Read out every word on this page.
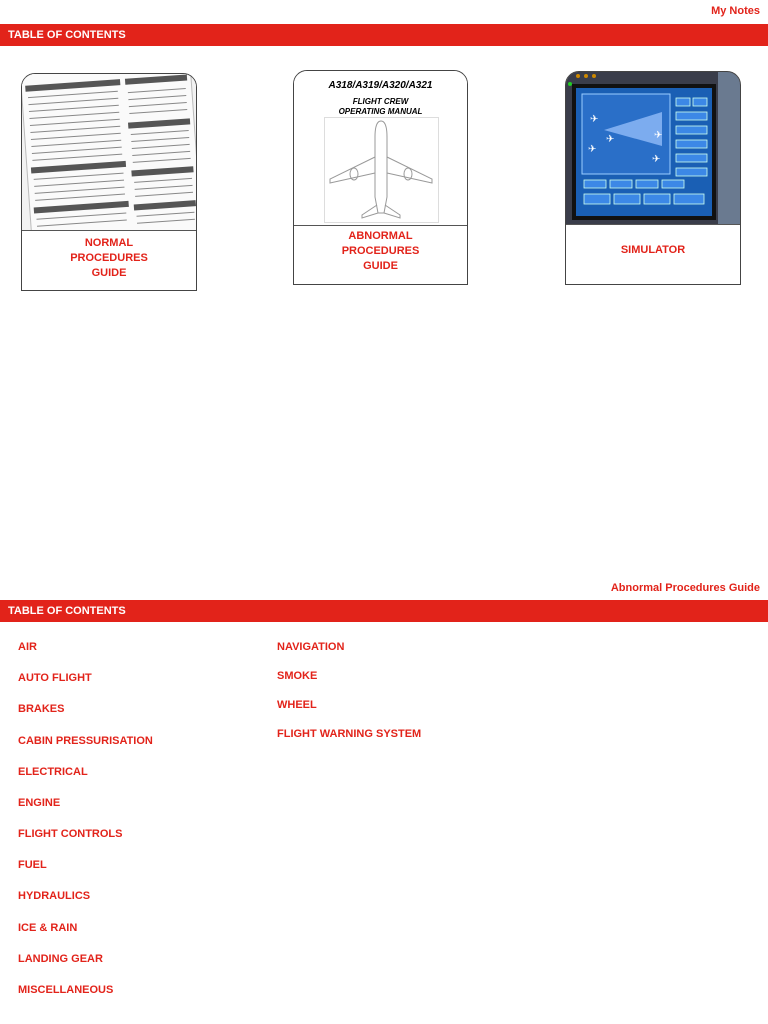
My Notes
TABLE OF CONTENTS
NORMAL
PROCEDURES
GUIDE
A318/A319/A320/A321
FLIGHT CREW
OPERATING MANUAL
ABNORMAL
PROCEDURES
GUIDE
✈
✈
✈	✈
✈
SIMULATOR
Abnormal Procedures Guide
TABLE OF CONTENTS
AIR
AUTO FLIGHT
BRAKES
CABIN PRESSURISATION
ELECTRICAL
ENGINE
FLIGHT CONTROLS
FUEL
HYDRAULICS
ICE & RAIN
LANDING GEAR
MISCELLANEOUS
NAVIGATION
SMOKE
WHEEL
FLIGHT WARNING SYSTEM
